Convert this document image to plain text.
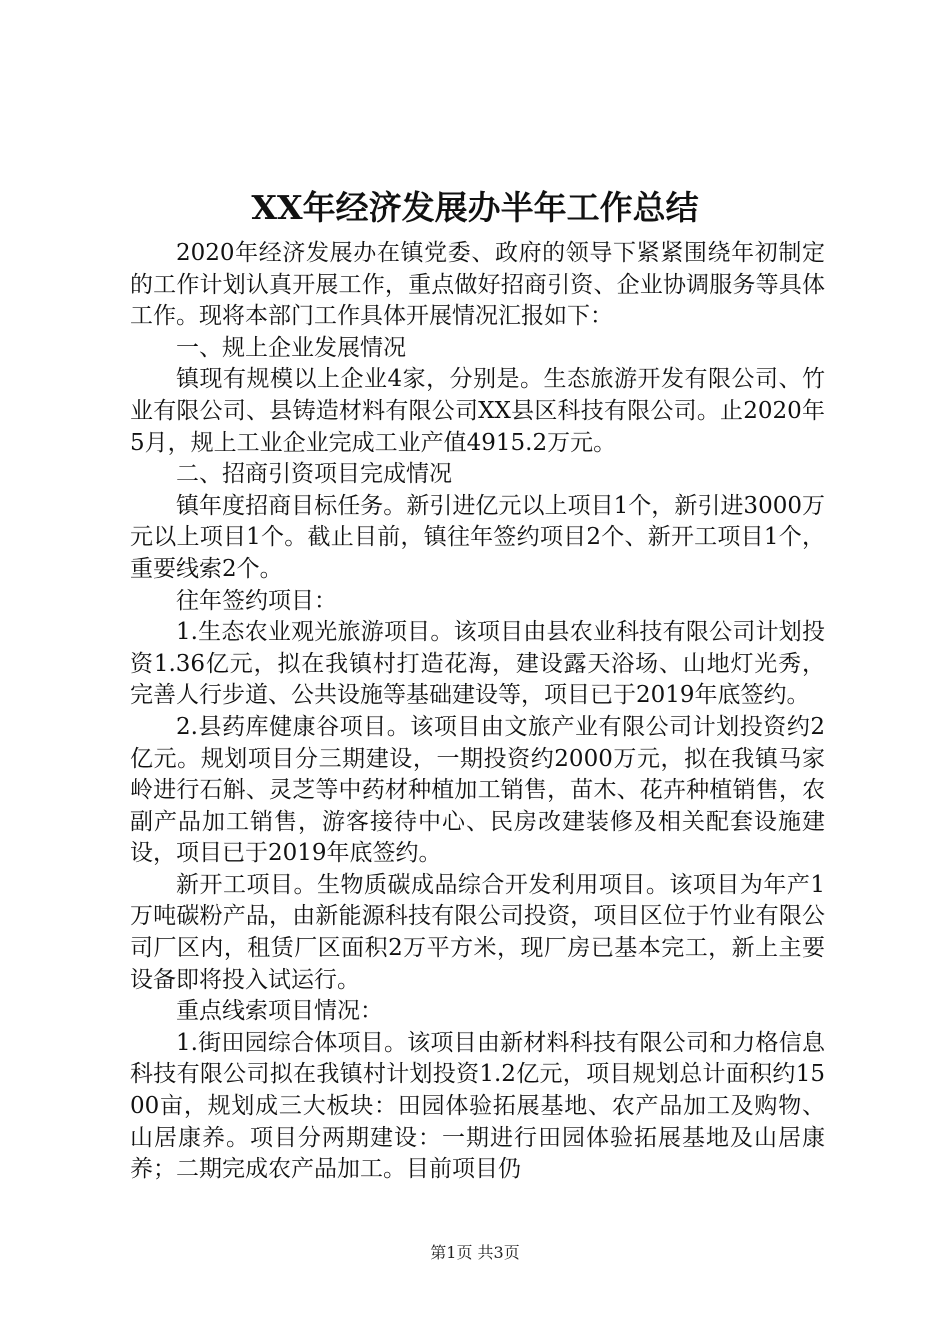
XX年经济发展办半年工作总结

2020年经济发展办在镇党委、政府的领导下紧紧围绕年初制定的工作计划认真开展工作，重点做好招商引资、企业协调服务等具体工作。现将本部门工作具体开展情况汇报如下：

一、规上企业发展情况

镇现有规模以上企业4家，分别是。生态旅游开发有限公司、竹业有限公司、县铸造材料有限公司XX县区科技有限公司。止2020年5月，规上工业企业完成工业产值4915.2万元。

二、招商引资项目完成情况

镇年度招商目标任务。新引进亿元以上项目1个，新引进3000万元以上项目1个。截止目前，镇往年签约项目2个、新开工项目1个，重要线索2个。

往年签约项目：

1.生态农业观光旅游项目。该项目由县农业科技有限公司计划投资1.36亿元，拟在我镇村打造花海，建设露天浴场、山地灯光秀，完善人行步道、公共设施等基础建设等，项目已于2019年底签约。

2.县药库健康谷项目。该项目由文旅产业有限公司计划投资约2亿元。规划项目分三期建设，一期投资约2000万元，拟在我镇马家岭进行石斛、灵芝等中药材种植加工销售，苗木、花卉种植销售，农副产品加工销售，游客接待中心、民房改建装修及相关配套设施建设，项目已于2019年底签约。

新开工项目。生物质碳成品综合开发利用项目。该项目为年产1万吨碳粉产品，由新能源科技有限公司投资，项目区位于竹业有限公司厂区内，租赁厂区面积2万平方米，现厂房已基本完工，新上主要设备即将投入试运行。

重点线索项目情况：

1.街田园综合体项目。该项目由新材料科技有限公司和力格信息科技有限公司拟在我镇村计划投资1.2亿元，项目规划总计面积约1500亩，规划成三大板块：田园体验拓展基地、农产品加工及购物、山居康养。项目分两期建设：一期进行田园体验拓展基地及山居康养；二期完成农产品加工。目前项目仍

第1页 共3页
